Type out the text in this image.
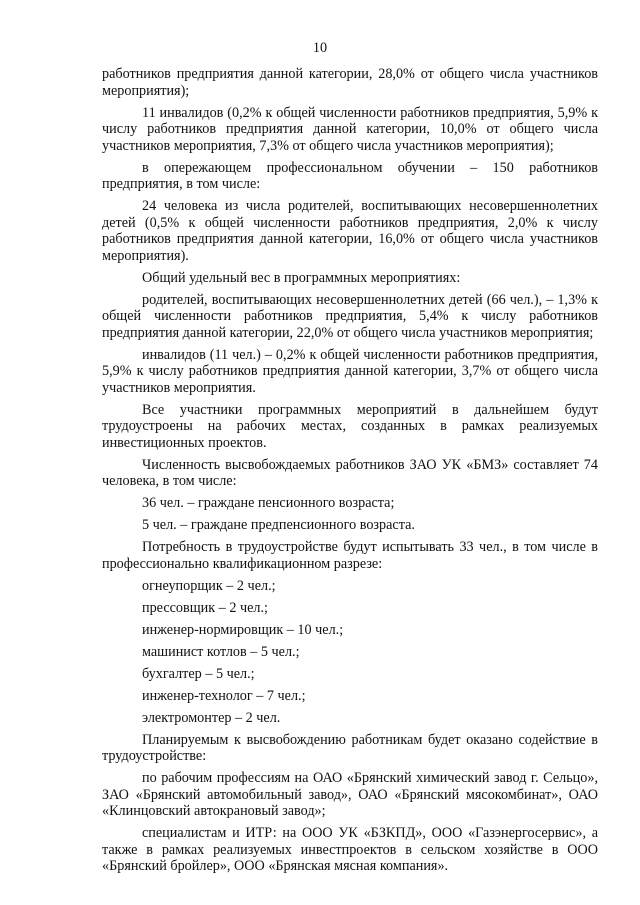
10

работников предприятия данной категории, 28,0% от общего числа участников мероприятия);

11 инвалидов (0,2% к общей численности работников предприятия, 5,9% к числу работников предприятия данной категории, 10,0% от общего числа участников мероприятия, 7,3% от общего числа участников мероприятия);

в опережающем профессиональном обучении – 150 работников предприятия, в том числе:

24 человека из числа родителей, воспитывающих несовершеннолетних детей (0,5% к общей численности работников предприятия, 2,0% к числу работников предприятия данной категории, 16,0% от общего числа участников мероприятия).

Общий удельный вес в программных мероприятиях:

родителей, воспитывающих несовершеннолетних детей (66 чел.), – 1,3% к общей численности работников предприятия, 5,4% к числу работников предприятия данной категории, 22,0% от общего числа участников мероприятия;

инвалидов (11 чел.) – 0,2% к общей численности работников предприятия, 5,9% к числу работников предприятия данной категории, 3,7% от общего числа участников мероприятия.

Все участники программных мероприятий в дальнейшем будут трудоустроены на рабочих местах, созданных в рамках реализуемых инвестиционных проектов.

Численность высвобождаемых работников ЗАО УК «БМЗ» составляет 74 человека, в том числе:

36 чел. – граждане пенсионного возраста;

5 чел. – граждане предпенсионного возраста.

Потребность в трудоустройстве будут испытывать 33 чел., в том числе в профессионально квалификационном разрезе:

огнеупорщик – 2 чел.;

прессовщик – 2 чел.;

инженер-нормировщик – 10 чел.;

машинист котлов – 5 чел.;

бухгалтер – 5 чел.;

инженер-технолог – 7 чел.;

электромонтер – 2 чел.

Планируемым к высвобождению работникам будет оказано содействие в трудоустройстве:

по рабочим профессиям на ОАО «Брянский химический завод г. Сельцо», ЗАО «Брянский автомобильный завод», ОАО «Брянский мясокомбинат», ОАО «Клинцовский автокрановый завод»;

специалистам и ИТР: на ООО УК «БЗКПД», ООО «Газэнергосервис», а также в рамках реализуемых инвестпроектов в сельском хозяйстве в ООО «Брянский бройлер», ООО «Брянская мясная компания».
